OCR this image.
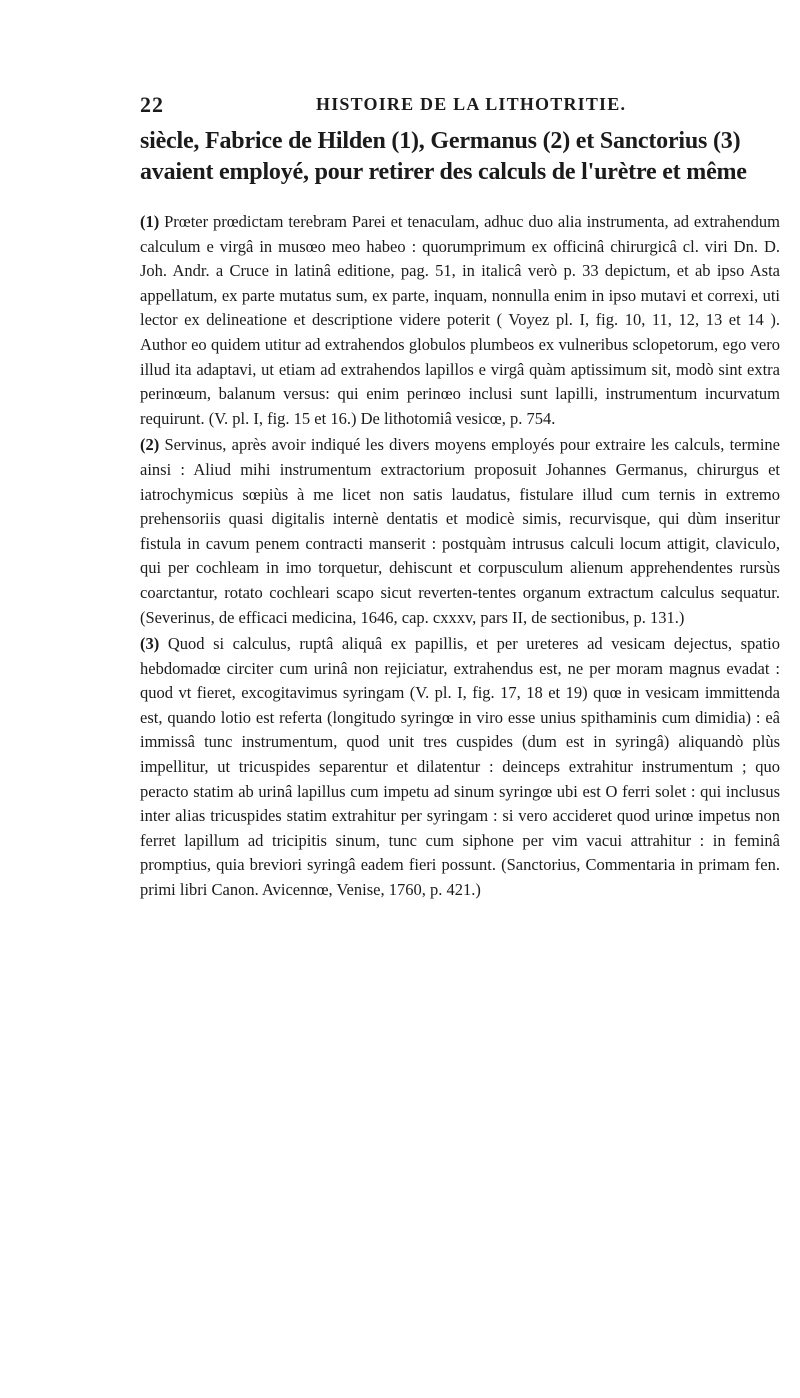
22	HISTOIRE DE LA LITHOTRITIE.

siècle, Fabrice de Hilden (1), Germanus (2) et Sanctorius (3) avaient employé, pour retirer des calculs de l'urètre et même

(1) Prœter prœdictam terebram Parei et tenaculam, adhuc duo alia instrumenta, ad extrahendum calculum e virgâ in musœo meo habeo : quorumprimum ex officinâ chirurgicâ cl. viri Dn. D. Joh. Andr. a Cruce in latinâ editione, pag. 51, in italicâ verò p. 33 depictum, et ab ipso Asta appellatum, ex parte mutatus sum, ex parte, inquam, nonnulla enim in ipso mutavi et correxi, uti lector ex delineatione et descriptione videre poterit ( Voyez pl. I, fig. 10, 11, 12, 13 et 14 ). Author eo quidem utitur ad extrahendos globulos plumbeos ex vulneribus sclopetorum, ego vero illud ita adaptavi, ut etiam ad extrahendos lapillos e virgâ quàm aptissimum sit, modò sint extra perinœum, balanum versus: qui enim perinœo inclusi sunt lapilli, instrumentum incurvatum requirunt. (V. pl. I, fig. 15 et 16.) De lithotomiâ vesicœ, p. 754.

(2) Servinus, après avoir indiqué les divers moyens employés pour extraire les calculs, termine ainsi : Aliud mihi instrumentum extractorium proposuit Johannes Germanus, chirurgus et iatrochymicus sœpiùs à me licet non satis laudatus, fistulare illud cum ternis in extremo prehensoriis quasi digitalis internè dentatis et modicè simis, recurvisque, qui dùm inseritur fistula in cavum penem contracti manserit : postquàm intrusus calculi locum attigit, claviculo, qui per cochleam in imo torquetur, dehiscunt et corpusculum alienum apprehendentes rursùs coarctantur, rotato cochleari scapo sicut reverten-tentes organum extractum calculus sequatur. (Severinus, de efficaci medicina, 1646, cap. cxxxv, pars II, de sectionibus, p. 131.)

(3) Quod si calculus, ruptâ aliquâ ex papillis, et per ureteres ad vesicam dejectus, spatio hebdomadœ circiter cum urinâ non rejiciatur, extrahendus est, ne per moram magnus evadat : quod vt fieret, excogitavimus syringam (V. pl. I, fig. 17, 18 et 19) quœ in vesicam immittenda est, quando lotio est referta (longitudo syringœ in viro esse unius spithaminis cum dimidia) : eâ immissâ tunc instrumentum, quod unit tres cuspides (dum est in syringâ) aliquandò plùs impellitur, ut tricuspides separentur et dilatentur : deinceps extrahitur instrumentum ; quo peracto statim ab urinâ lapillus cum impetu ad sinum syringœ ubi est O ferri solet : qui inclusus inter alias tricuspides statim extrahitur per syringam : si vero accideret quod urinœ impetus non ferret lapillum ad tricipitis sinum, tunc cum siphone per vim vacui attrahitur : in feminâ promptius, quia breviori syringâ eadem fieri possunt. (Sanctorius, Commentaria in primam fen. primi libri Canon. Avicennœ, Venise, 1760, p. 421.)
